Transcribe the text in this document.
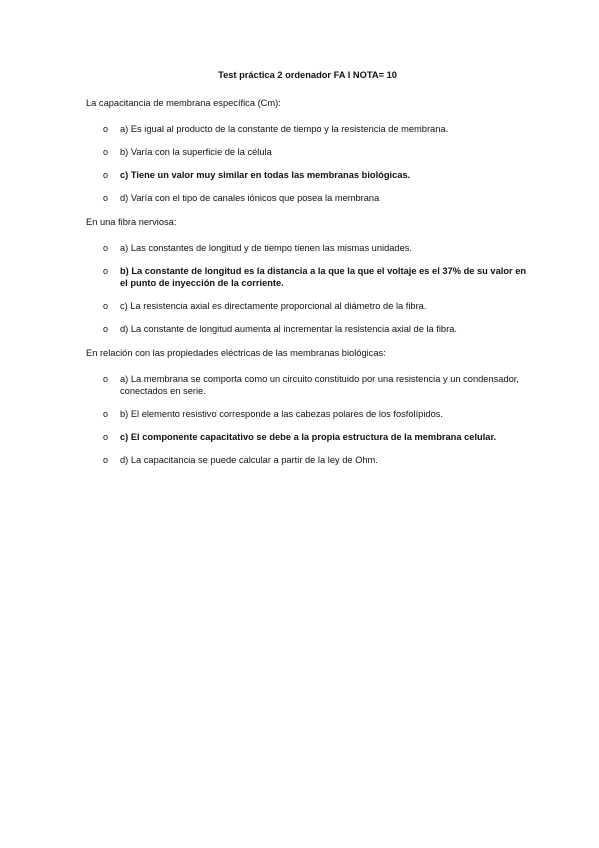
Test práctica 2 ordenador FA I NOTA= 10
La capacitancia de membrana específica (Cm):
o a) Es igual al producto de la constante de tiempo y la resistencia de membrana.
o b) Varía con la superficie de la célula
o c) Tiene un valor muy similar en todas las membranas biológicas.
o d) Varía con el tipo de canales iónicos que posea la membrana
En una fibra nerviosa:
o a) Las constantes de longitud y de tiempo tienen las mismas unidades.
o b) La constante de longitud es la distancia a la que la que el voltaje es el 37% de su valor en el punto de inyección de la corriente.
o c) La resistencia axial es directamente proporcional al diámetro de la fibra.
o d) La constante de longitud aumenta al incrementar la resistencia axial de la fibra.
En relación con las propiedades eléctricas de las membranas biológicas:
o a) La membrana se comporta como un circuito constituido por una resistencia y un condensador, conectados en serie.
o b) El elemento resistivo corresponde a las cabezas polares de los fosfolípidos.
o c) El componente capacitativo se debe a la propia estructura de la membrana celular.
o d) La capacitancia se puede calcular a partir de la ley de Ohm.
